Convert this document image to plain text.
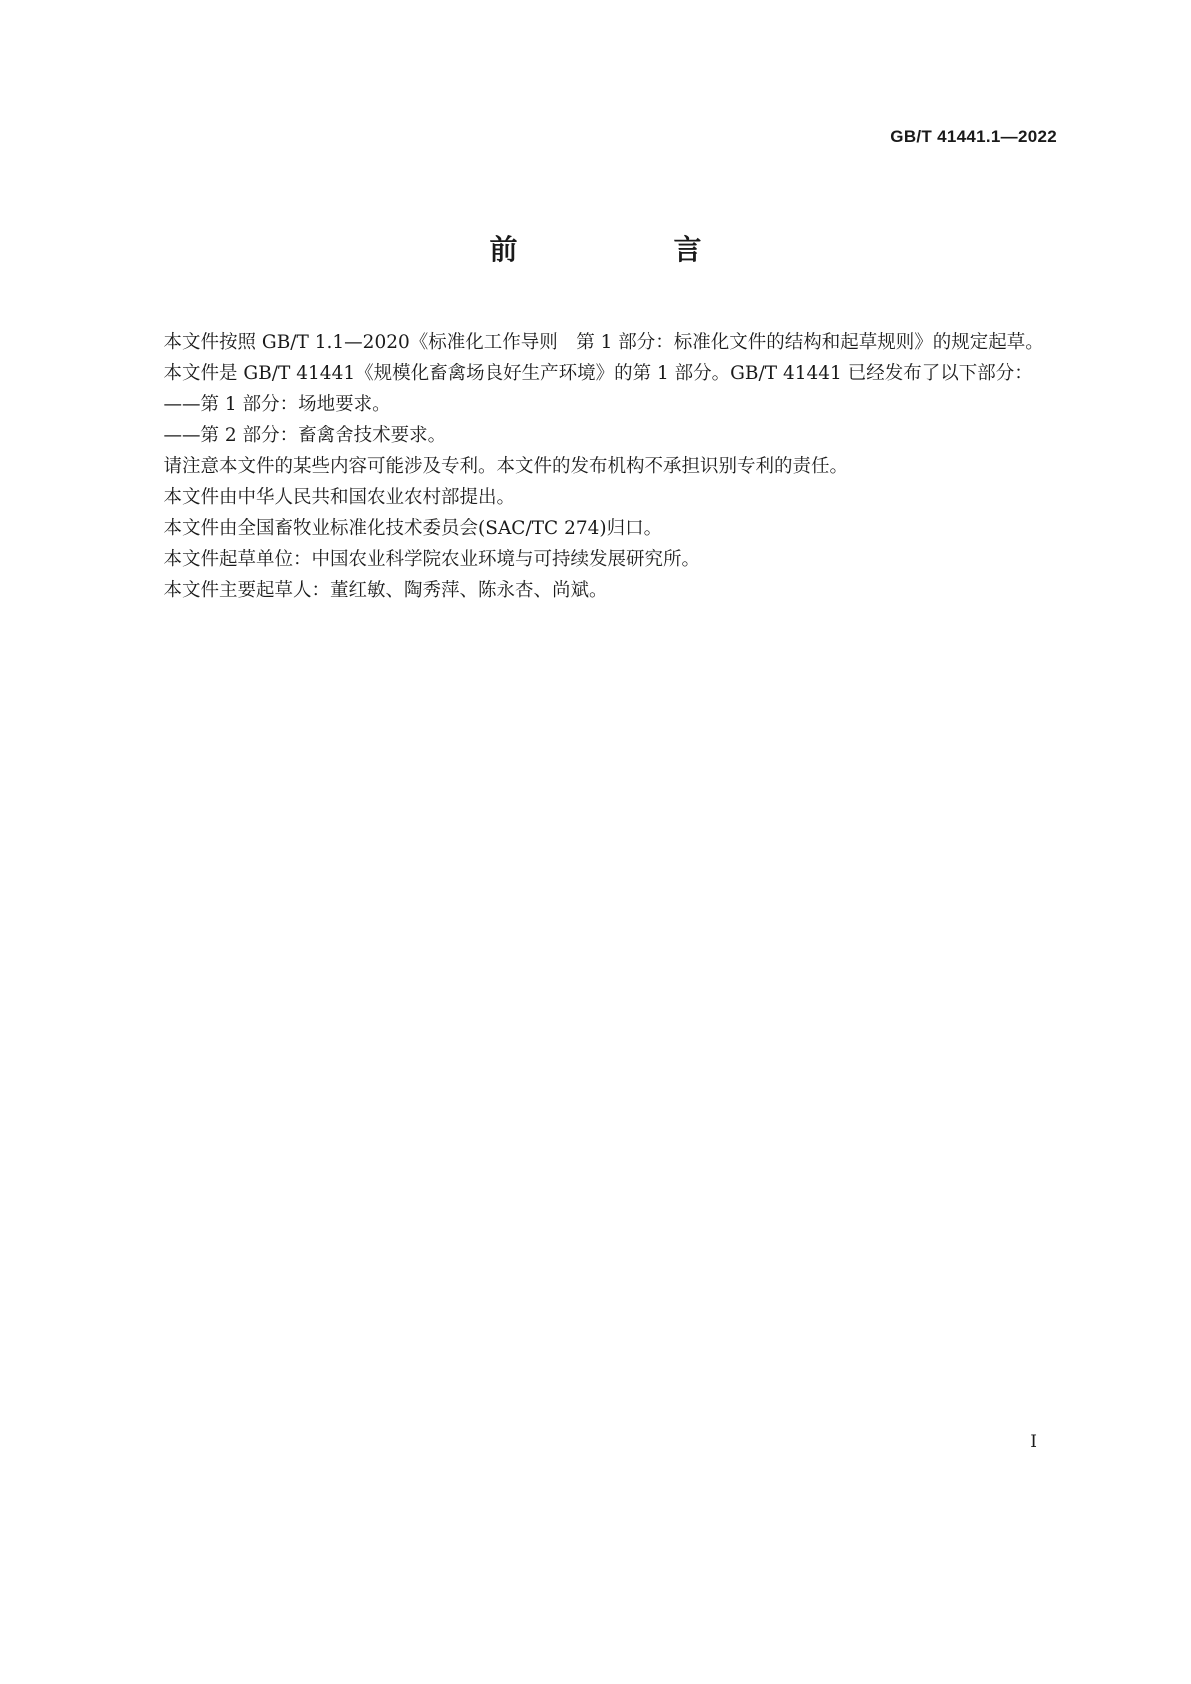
GB/T 41441.1—2022
前　言

本文件按照 GB/T 1.1—2020《标准化工作导则　第 1 部分：标准化文件的结构和起草规则》的规定起草。

本文件是 GB/T 41441《规模化畜禽场良好生产环境》的第 1 部分。GB/T 41441 已经发布了以下部分：

——第 1 部分：场地要求。

——第 2 部分：畜禽舍技术要求。

请注意本文件的某些内容可能涉及专利。本文件的发布机构不承担识别专利的责任。

本文件由中华人民共和国农业农村部提出。

本文件由全国畜牧业标准化技术委员会(SAC/TC 274)归口。

本文件起草单位：中国农业科学院农业环境与可持续发展研究所。

本文件主要起草人：董红敏、陶秀萍、陈永杏、尚斌。

I
